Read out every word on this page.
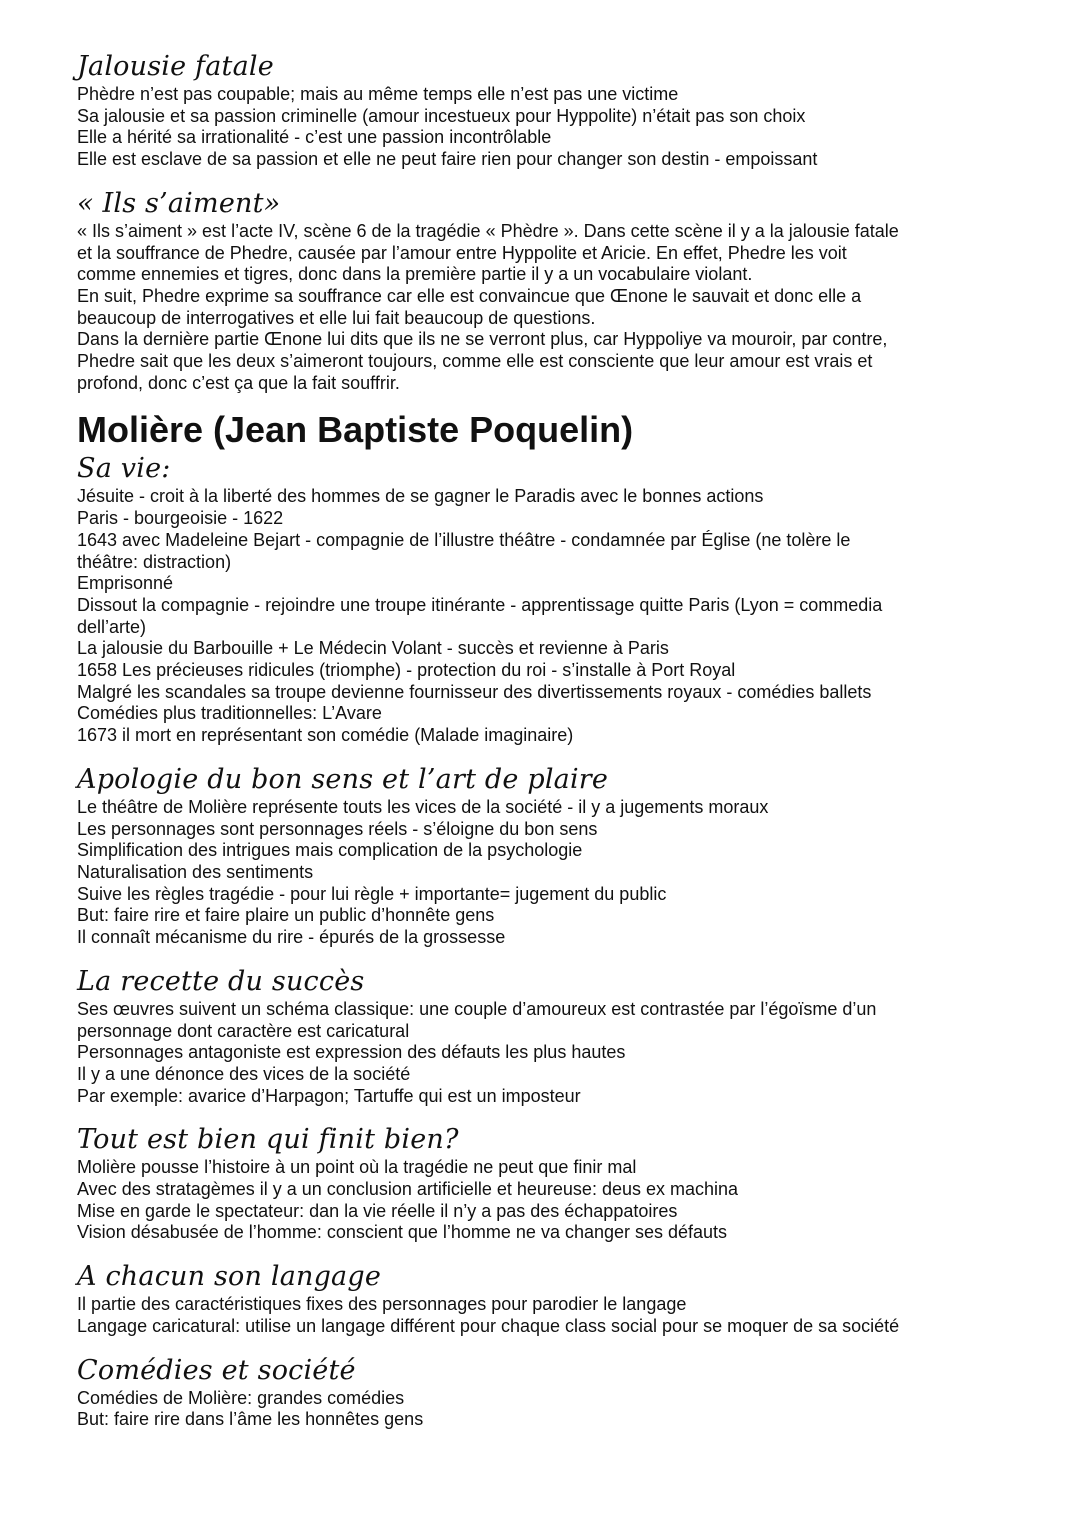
Jalousie fatale

Phèdre n’est pas coupable; mais au même temps elle n’est pas une victime

Sa jalousie et sa passion criminelle (amour incestueux pour Hyppolite) n’était pas son choix

Elle a hérité sa irrationalité - c’est une passion incontrôlable

Elle est esclave de sa passion et elle ne peut faire rien pour changer son destin - empoissant

« Ils s’aiment»

« Ils s’aiment » est l’acte IV, scène 6 de la tragédie « Phèdre ». Dans cette scène il y a la jalousie fatale

et la souffrance de Phedre, causée par l’amour entre Hyppolite et Aricie. En effet, Phedre les voit

comme ennemies et tigres, donc dans la première partie il y a un vocabulaire violant.

En suit, Phedre exprime sa souffrance car elle est convaincue que Œnone le sauvait et donc elle a

beaucoup de interrogatives et elle lui fait beaucoup de questions.

Dans la dernière partie Œnone lui dits que ils ne se verront plus, car Hyppoliye va mouroir, par contre,

Phedre sait que les deux s’aimeront toujours, comme elle est consciente que leur amour est vrais et

profond, donc c’est ça que la fait souffrir.

Molière (Jean Baptiste Poquelin)
Sa vie:

Jésuite - croit à la liberté des hommes de se gagner le Paradis avec le bonnes actions

Paris - bourgeoisie - 1622

1643 avec Madeleine Bejart - compagnie de l’illustre théâtre - condamnée par Église (ne tolère le

théâtre: distraction)

Emprisonné

Dissout la compagnie - rejoindre une troupe itinérante - apprentissage quitte Paris (Lyon = commedia

dell’arte)

La jalousie du Barbouille + Le Médecin Volant - succès et revienne à Paris

1658 Les précieuses ridicules (triomphe) - protection du roi - s’installe à Port Royal

Malgré les scandales sa troupe devienne fournisseur des divertissements royaux - comédies ballets

Comédies plus traditionnelles: L’Avare

1673 il mort en représentant son comédie (Malade imaginaire)

Apologie du bon sens et l’art de plaire

Le théâtre de Molière représente touts les vices de la société - il y a jugements moraux

Les personnages sont personnages réels - s’éloigne du bon sens

Simplification des intrigues mais complication de la psychologie

Naturalisation des sentiments

Suive les règles tragédie - pour lui règle + importante= jugement du public

But: faire rire et faire plaire un public d’honnête gens

Il connaît mécanisme du rire - épurés de la grossesse

La recette du succès

Ses œuvres suivent un schéma classique: une couple d’amoureux est contrastée par l’égoïsme d’un

personnage dont caractère est caricatural

Personnages antagoniste est expression des défauts les plus hautes

Il y a une dénonce des vices de la société

Par exemple: avarice d’Harpagon; Tartuffe qui est un imposteur

Tout est bien qui finit bien?

Molière pousse l’histoire à un point où la tragédie ne peut que finir mal

Avec des stratagèmes il y a un conclusion artificielle et heureuse: deus ex machina

Mise en garde le spectateur: dan la vie réelle il n’y a pas des échappatoires

Vision désabusée de l’homme: conscient que l’homme ne va changer ses défauts

A chacun son langage

Il partie des caractéristiques fixes des personnages pour parodier le langage

Langage caricatural: utilise un langage différent pour chaque class social pour se moquer de sa société

Comédies et société

Comédies de Molière: grandes comédies

But: faire rire dans l’âme les honnêtes gens
